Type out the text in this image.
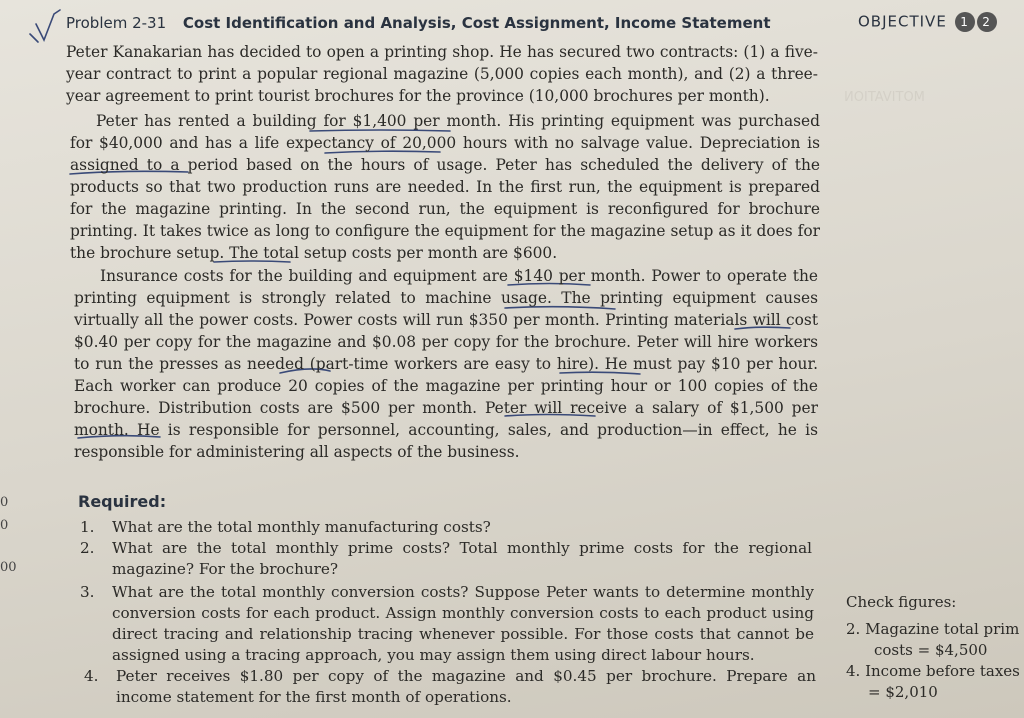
MOTIVATION
Problem 2-31 Cost Identification and Analysis, Cost Assignment, Income Statement	OBJECTIVE 1 2

Peter Kanakarian has decided to open a printing shop. He has secured two contracts: (1) a five-year contract to print a popular regional magazine (5,000 copies each month), and (2) a three-year agreement to print tourist brochures for the province (10,000 brochures per month).

Peter has rented a building for $1,400 per month. His printing equipment was purchased for $40,000 and has a life expectancy of 20,000 hours with no salvage value. Depreciation is assigned to a period based on the hours of usage. Peter has scheduled the delivery of the products so that two production runs are needed. In the first run, the equipment is prepared for the magazine printing. In the second run, the equipment is reconfigured for brochure printing. It takes twice as long to configure the equipment for the magazine setup as it does for the brochure setup. The total setup costs per month are $600.

Insurance costs for the building and equipment are $140 per month. Power to operate the printing equipment is strongly related to machine usage. The printing equipment causes virtually all the power costs. Power costs will run $350 per month. Printing materials will cost $0.40 per copy for the magazine and $0.08 per copy for the brochure. Peter will hire workers to run the presses as needed (part-time workers are easy to hire). He must pay $10 per hour. Each worker can produce 20 copies of the magazine per printing hour or 100 copies of the brochure. Distribution costs are $500 per month. Peter will receive a salary of $1,500 per month. He is responsible for personnel, accounting, sales, and production—in effect, he is responsible for administering all aspects of the business.

0
0
00
Required:

1. What are the total monthly manufacturing costs?

2. What are the total monthly prime costs? Total monthly prime costs for the regional magazine? For the brochure?

3. What are the total monthly conversion costs? Suppose Peter wants to determine monthly conversion costs for each product. Assign monthly conversion costs to each product using direct tracing and relationship tracing whenever possible. For those costs that cannot be assigned using a tracing approach, you may assign them using direct labour hours.

4. Peter receives $1.80 per copy of the magazine and $0.45 per brochure. Prepare an income statement for the first month of operations.

Check figures:
2. Magazine total prim
costs = $4,500
4. Income before taxes
= $2,010
